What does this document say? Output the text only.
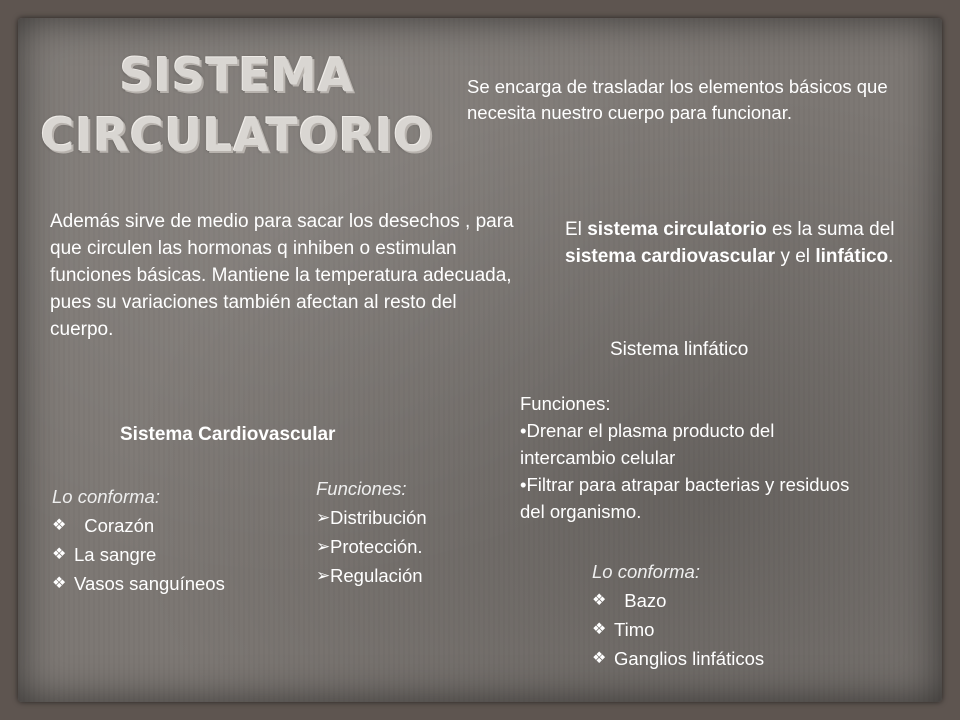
SISTEMA
CIRCULATORIO
Se encarga de trasladar los elementos básicos que necesita nuestro cuerpo para funcionar.
Además sirve de medio para sacar los desechos , para que circulen las hormonas q inhiben o estimulan funciones básicas. Mantiene la temperatura adecuada, pues su variaciones también afectan al resto del cuerpo.
El sistema circulatorio es la suma del sistema cardiovascular y el linfático.
Sistema linfático
Funciones:
•Drenar el plasma producto del intercambio celular
•Filtrar para atrapar bacterias y residuos del organismo.
Sistema Cardiovascular
Lo conforma:
❖ Corazón
❖ La sangre
❖ Vasos sanguíneos
Funciones:
➢ Distribución
➢ Protección.
➢ Regulación	Lo conforma:
❖ Bazo
❖ Timo
❖ Ganglios linfáticos
